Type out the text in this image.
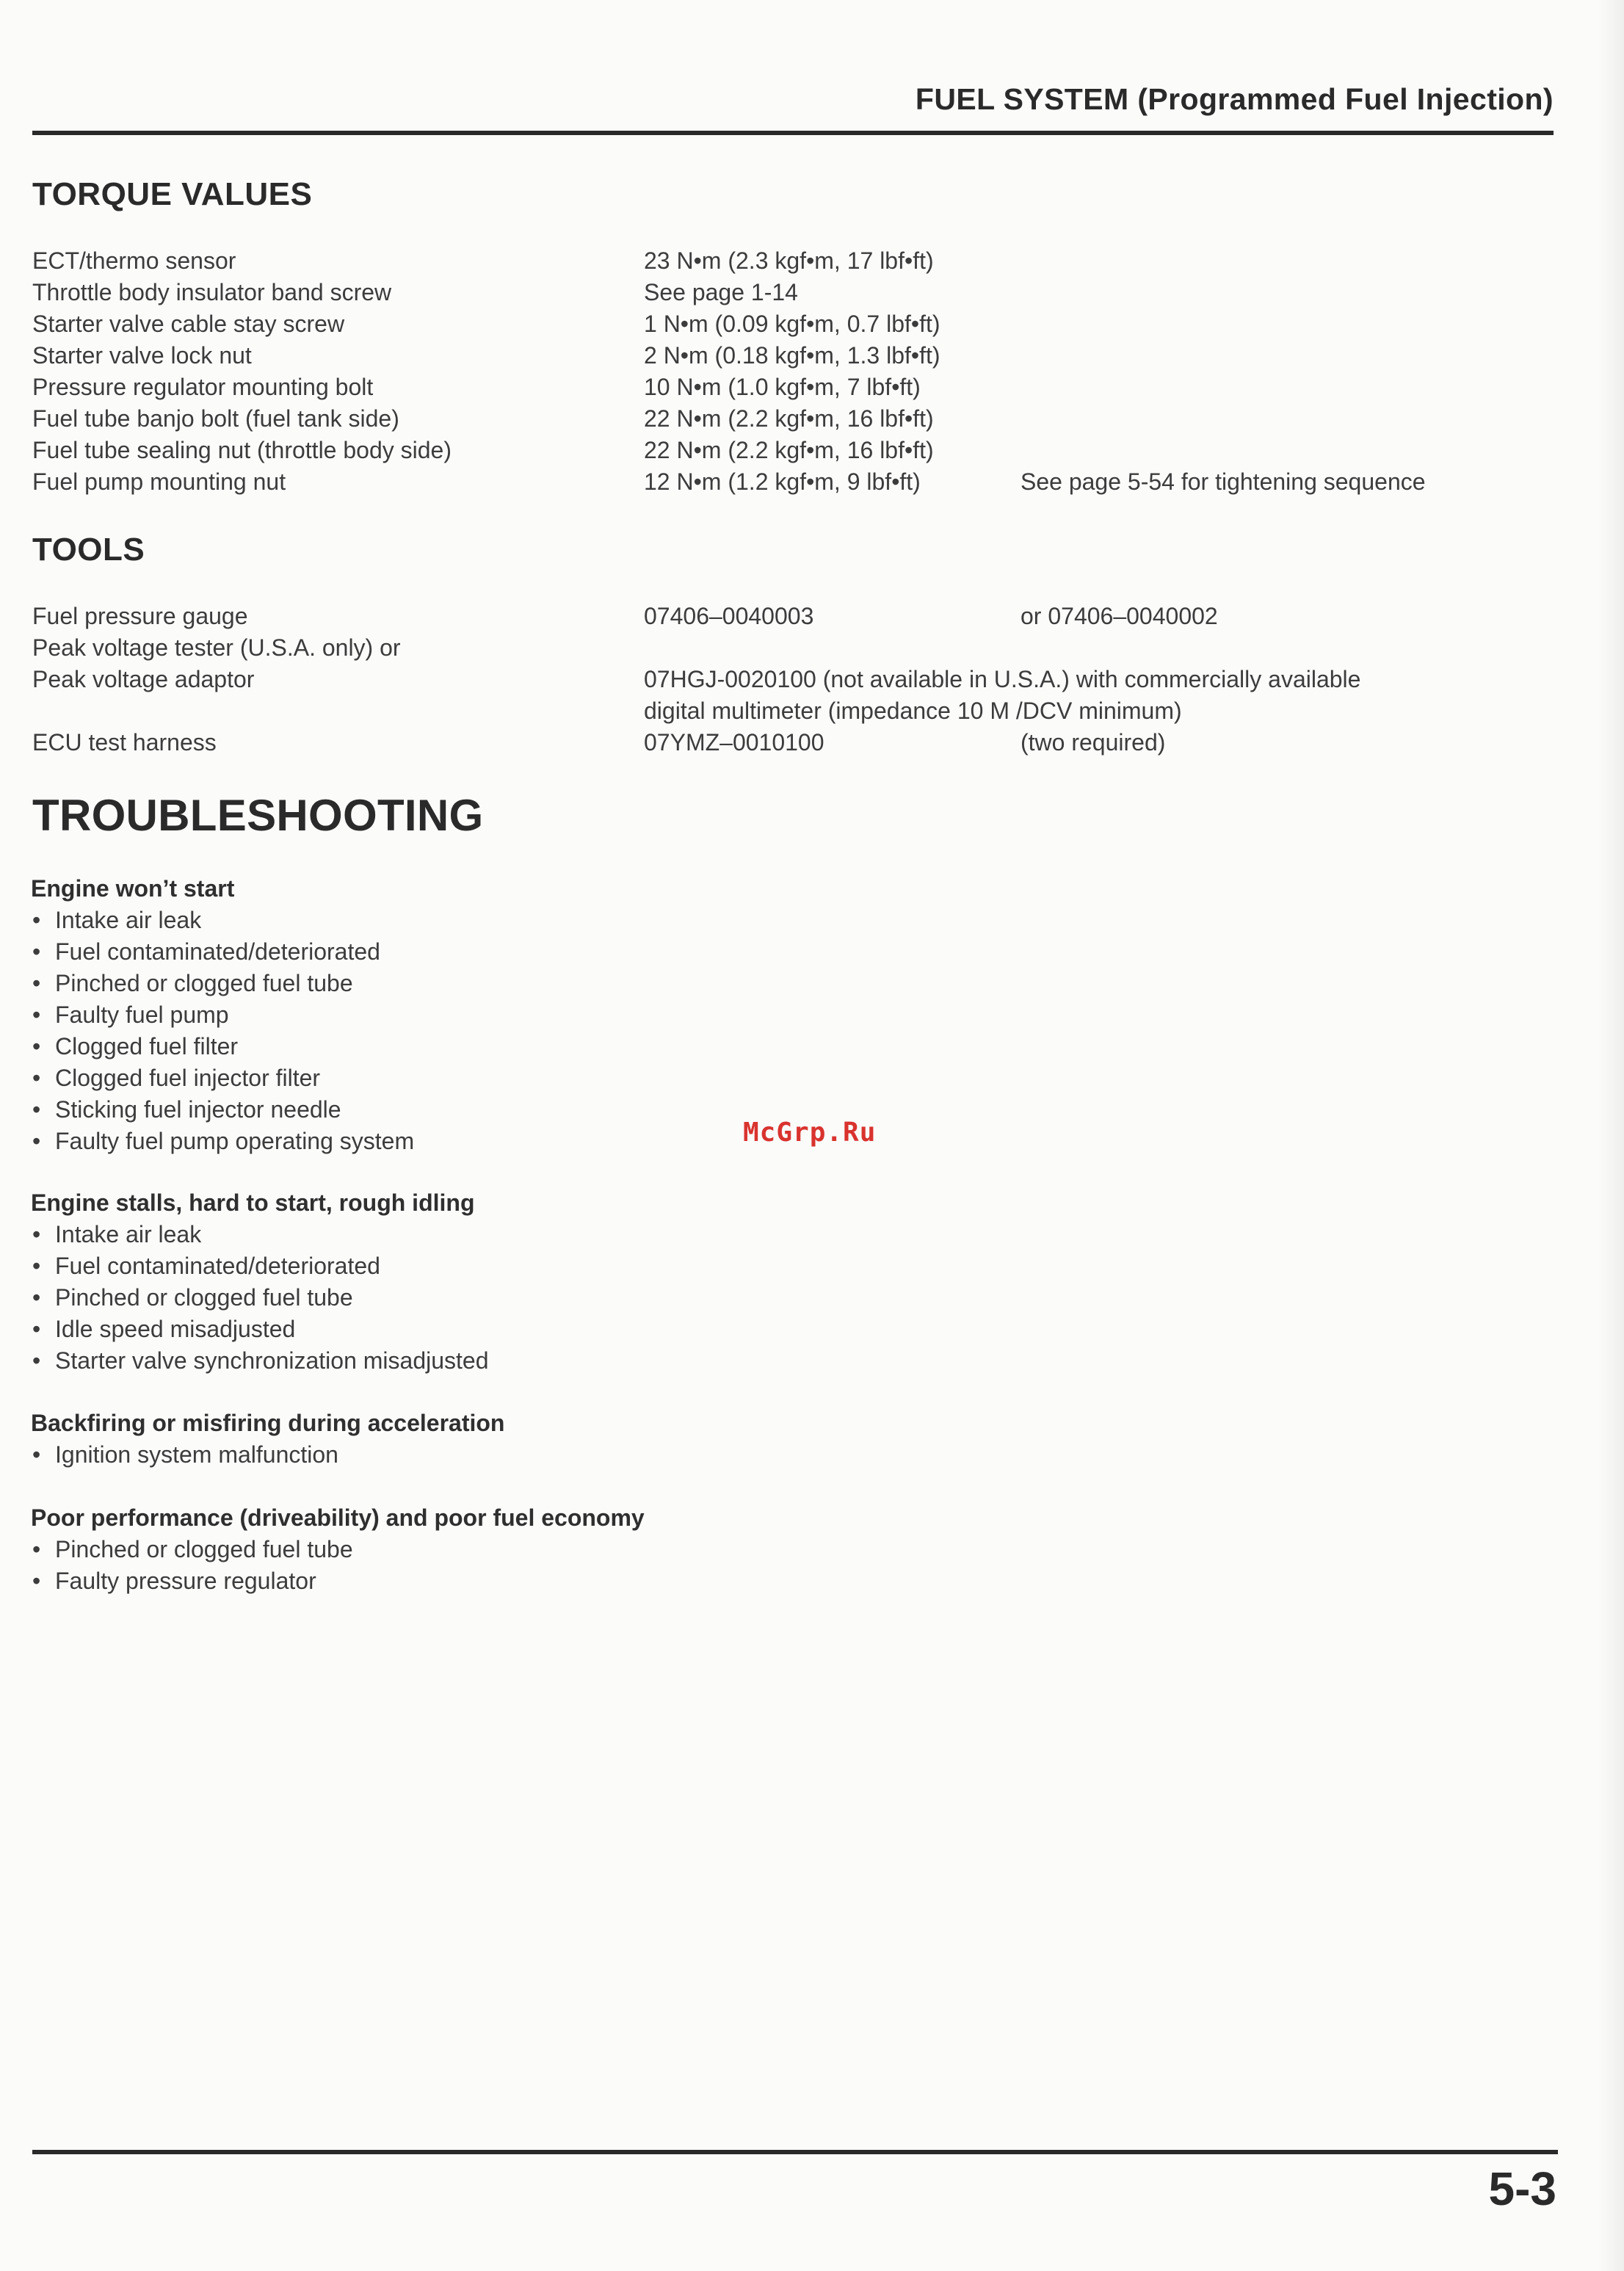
FUEL SYSTEM (Programmed Fuel Injection)
TORQUE VALUES
ECT/thermo sensor	23 N•m (2.3 kgf•m, 17 lbf•ft)
Throttle body insulator band screw	See page 1-14
Starter valve cable stay screw	1 N•m (0.09 kgf•m, 0.7 lbf•ft)
Starter valve lock nut	2 N•m (0.18 kgf•m, 1.3 lbf•ft)
Pressure regulator mounting bolt	10 N•m (1.0 kgf•m, 7 lbf•ft)
Fuel tube banjo bolt (fuel tank side)	22 N•m (2.2 kgf•m, 16 lbf•ft)
Fuel tube sealing nut (throttle body side)	22 N•m (2.2 kgf•m, 16 lbf•ft)
Fuel pump mounting nut	12 N•m (1.2 kgf•m, 9 lbf•ft)	See page 5-54 for tightening sequence
TOOLS
Fuel pressure gauge	07406–0040003	or 07406–0040002
Peak voltage tester (U.S.A. only) or
Peak voltage adaptor	07HGJ-0020100 (not available in U.S.A.) with commercially available
digital multimeter (impedance 10 M /DCV minimum)
ECU test harness	07YMZ–0010100	(two required)
TROUBLESHOOTING
Engine won’t start
• Intake air leak
• Fuel contaminated/deteriorated
• Pinched or clogged fuel tube
• Faulty fuel pump
• Clogged fuel filter
• Clogged fuel injector filter
• Sticking fuel injector needle
• Faulty fuel pump operating system
Engine stalls, hard to start, rough idling
• Intake air leak
• Fuel contaminated/deteriorated
• Pinched or clogged fuel tube
• Idle speed misadjusted
• Starter valve synchronization misadjusted
Backfiring or misfiring during acceleration
• Ignition system malfunction
Poor performance (driveability) and poor fuel economy
• Pinched or clogged fuel tube
• Faulty pressure regulator
McGrp.Ru
5-3
